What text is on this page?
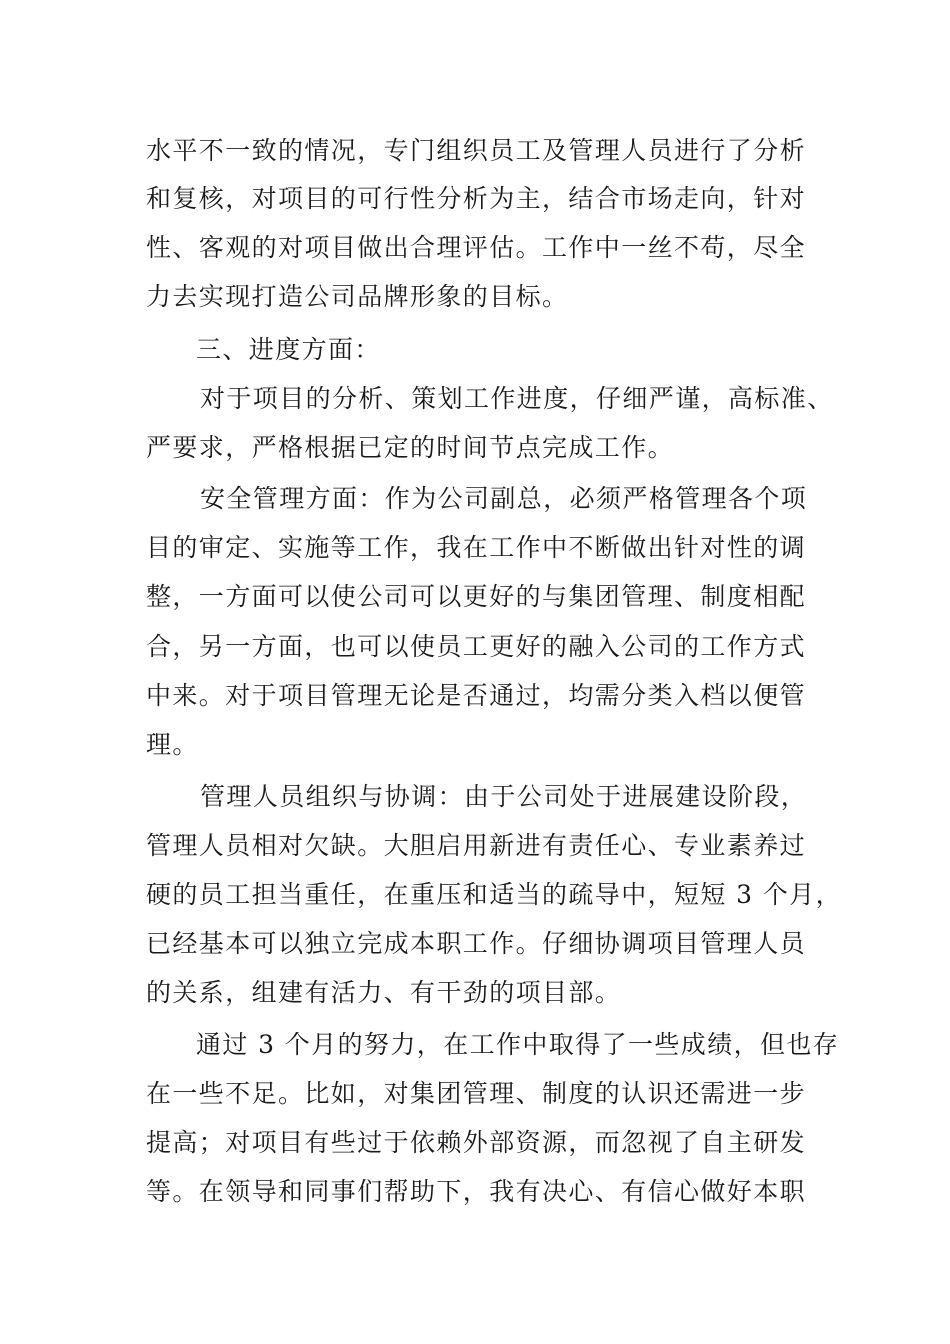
水平不一致的情况，专门组织员工及管理人员进行了分析
和复核，对项目的可行性分析为主，结合市场走向，针对
性、客观的对项目做出合理评估。工作中一丝不苟，尽全
力去实现打造公司品牌形象的目标。
三、进度方面：
对于项目的分析、策划工作进度，仔细严谨，高标准、
严要求，严格根据已定的时间节点完成工作。
安全管理方面：作为公司副总，必须严格管理各个项
目的审定、实施等工作，我在工作中不断做出针对性的调
整，一方面可以使公司可以更好的与集团管理、制度相配
合，另一方面，也可以使员工更好的融入公司的工作方式
中来。对于项目管理无论是否通过，均需分类入档以便管
理。
管理人员组织与协调：由于公司处于进展建设阶段，
管理人员相对欠缺。大胆启用新进有责任心、专业素养过
硬的员工担当重任，在重压和适当的疏导中，短短 3 个月，
已经基本可以独立完成本职工作。仔细协调项目管理人员
的关系，组建有活力、有干劲的项目部。
通过 3 个月的努力，在工作中取得了一些成绩，但也存
在一些不足。比如，对集团管理、制度的认识还需进一步
提高；对项目有些过于依赖外部资源，而忽视了自主研发
等。在领导和同事们帮助下，我有决心、有信心做好本职
